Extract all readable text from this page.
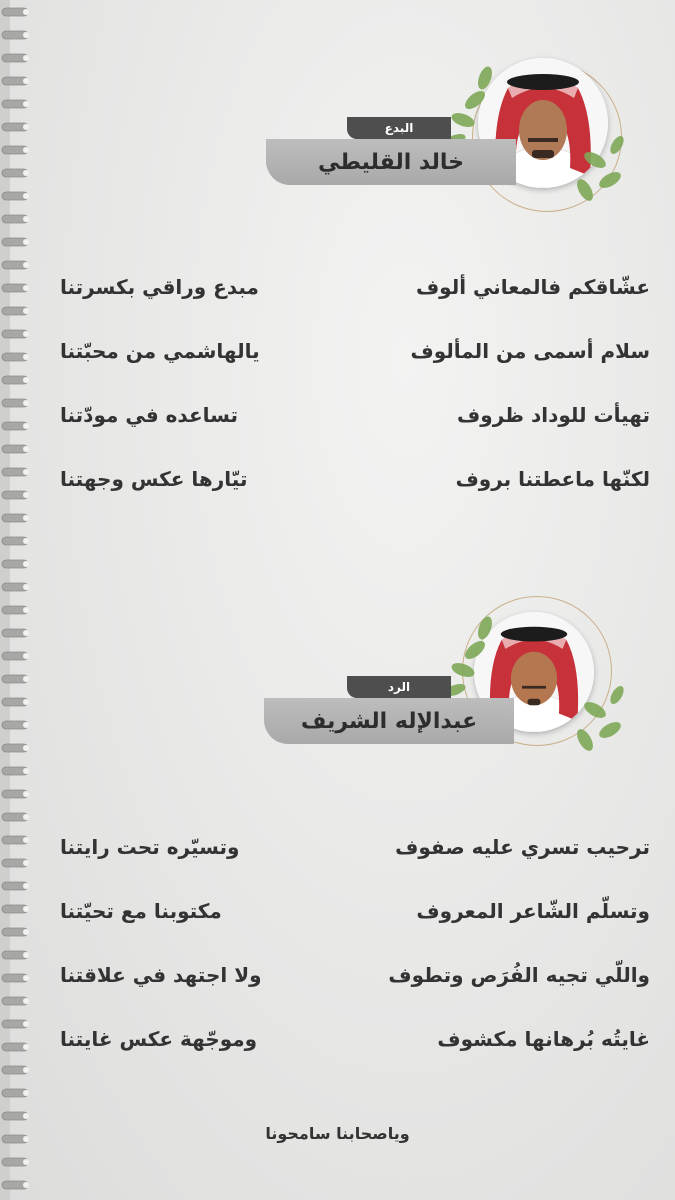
خالد القليطي
البدع
عشّاقكم فالمعاني ألوف
مبدع وراقي بكسرتنا
سلام أسمى من المألوف
يالهاشمي من محبّتنا
تهيأت للوداد ظروف
تساعده في مودّتنا
لكنّها ماعطتنا بروف
تيّارها عكس وجهتنا
عبدالإله الشريف
الرد
ترحيب تسري عليه صفوف
وتسيّره تحت رايتنا
وتسلّم الشّاعر المعروف
مكتوبنا مع تحيّتنا
واللّي تجيه الفُرَص وتطوف
ولا اجتهد في علاقتنا
غايتُه بُرهانها مكشوف
وموجّهة عكس غايتنا
وياصحابنا سامحونا
